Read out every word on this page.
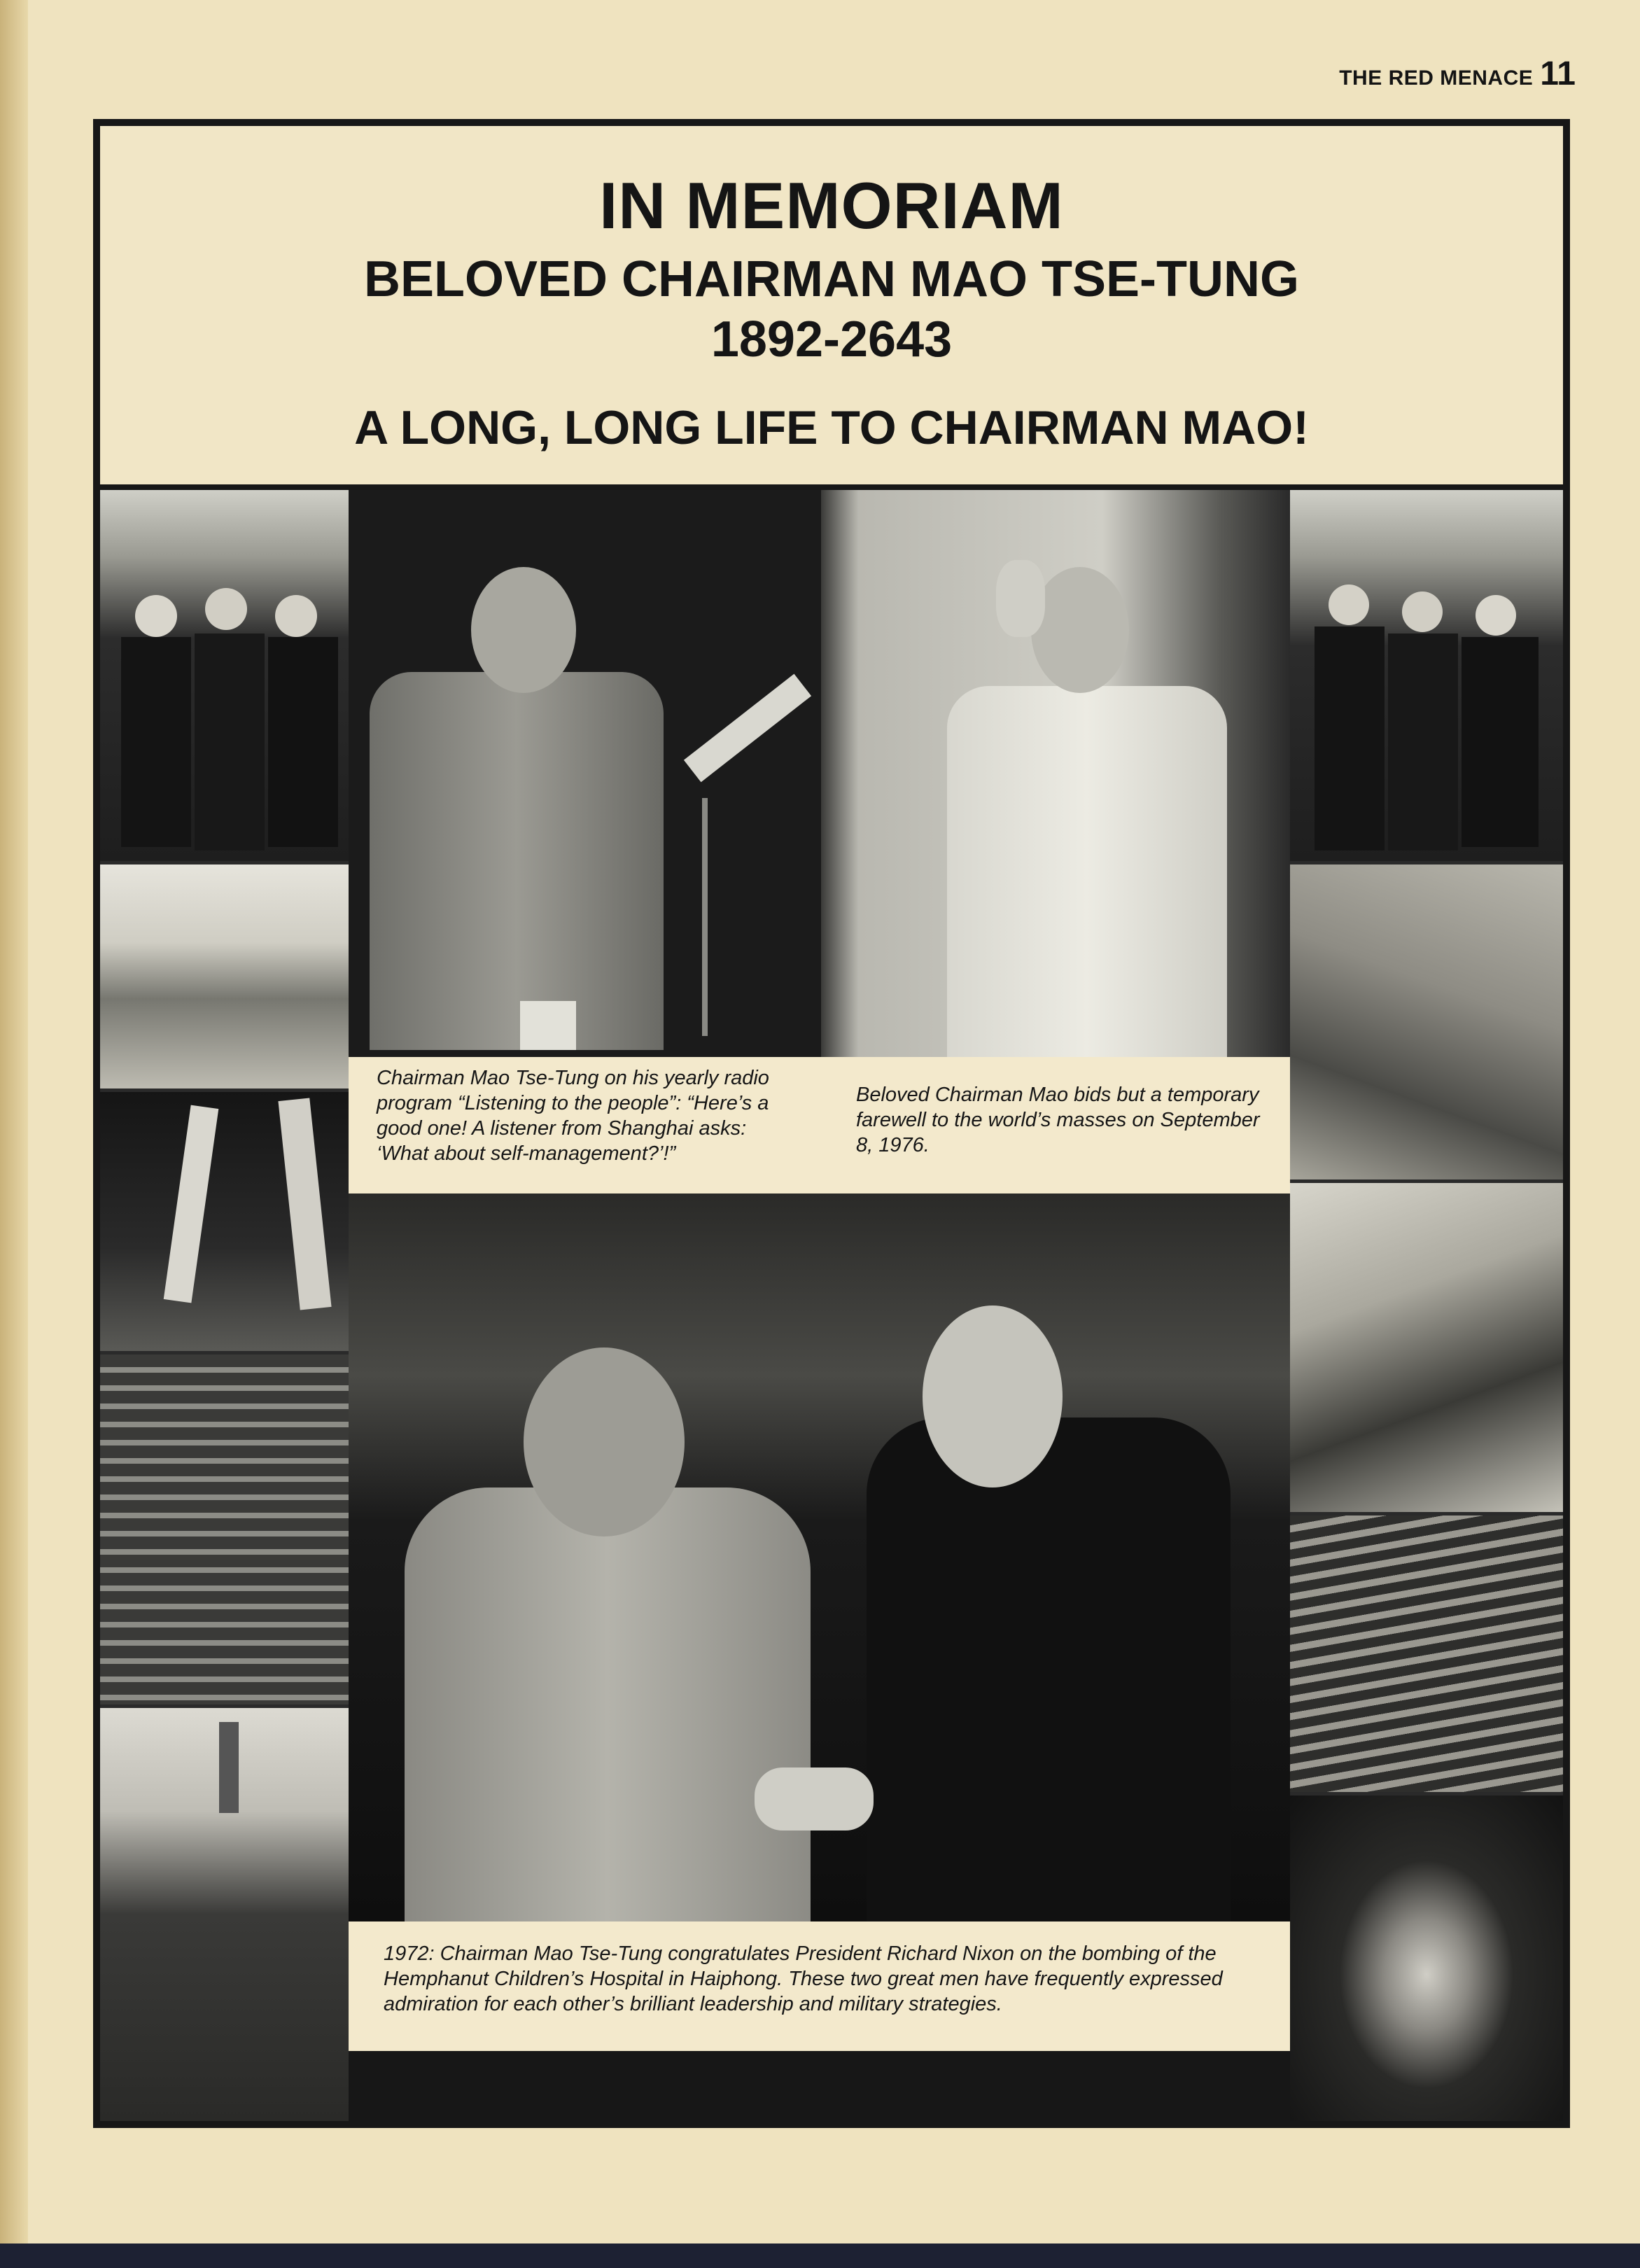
THE RED MENACE 11
IN MEMORIAM
BELOVED CHAIRMAN MAO TSE-TUNG
1892-2643
A LONG, LONG LIFE TO CHAIRMAN MAO!
Chairman Mao Tse-Tung on his yearly radio program “Listening to the people”: “Here’s a good one! A listener from Shanghai asks: ‘What about self-management?’!”
Beloved Chairman Mao bids but a temporary farewell to the world’s masses on September 8, 1976.
1972: Chairman Mao Tse-Tung congratulates President Richard Nixon on the bombing of the Hemphanut Children’s Hospital in Haiphong. These two great men have frequently expressed admiration for each other’s brilliant leadership and military strategies.
